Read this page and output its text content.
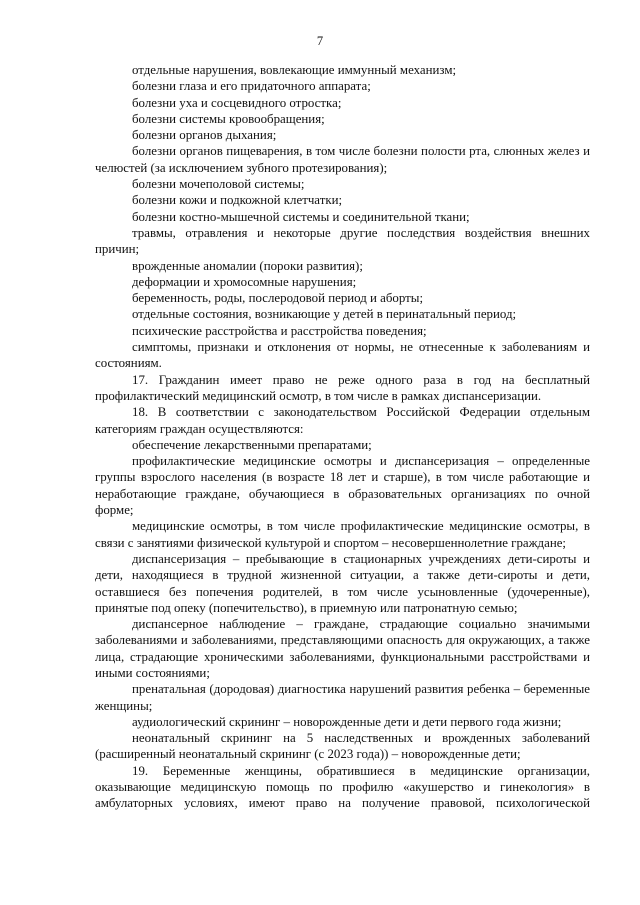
7

отдельные нарушения, вовлекающие иммунный механизм;

болезни глаза и его придаточного аппарата;

болезни уха и сосцевидного отростка;

болезни системы кровообращения;

болезни органов дыхания;

болезни органов пищеварения, в том числе болезни полости рта, слюнных желез и челюстей (за исключением зубного протезирования);

болезни мочеполовой системы;

болезни кожи и подкожной клетчатки;

болезни костно-мышечной системы и соединительной ткани;

травмы, отравления и некоторые другие последствия воздействия внешних причин;

врожденные аномалии (пороки развития);

деформации и хромосомные нарушения;

беременность, роды, послеродовой период и аборты;

отдельные состояния, возникающие у детей в перинатальный период;

психические расстройства и расстройства поведения;

симптомы, признаки и отклонения от нормы, не отнесенные к заболеваниям и состояниям.

17. Гражданин имеет право не реже одного раза в год на бесплатный профилактический медицинский осмотр, в том числе в рамках диспансеризации.

18. В соответствии с законодательством Российской Федерации отдельным категориям граждан осуществляются:

обеспечение лекарственными препаратами;

профилактические медицинские осмотры и диспансеризация – определенные группы взрослого населения (в возрасте 18 лет и старше), в том числе работающие и неработающие граждане, обучающиеся в образовательных организациях по очной форме;

медицинские осмотры, в том числе профилактические медицинские осмотры, в связи с занятиями физической культурой и спортом – несовершеннолетние граждане;

диспансеризация – пребывающие в стационарных учреждениях дети-сироты и дети, находящиеся в трудной жизненной ситуации, а также дети-сироты и дети, оставшиеся без попечения родителей, в том числе усыновленные (удочеренные), принятые под опеку (попечительство), в приемную или патронатную семью;

диспансерное наблюдение – граждане, страдающие социально значимыми заболеваниями и заболеваниями, представляющими опасность для окружающих, а также лица, страдающие хроническими заболеваниями, функциональными расстройствами и иными состояниями;

пренатальная (дородовая) диагностика нарушений развития ребенка – беременные женщины;

аудиологический скрининг – новорожденные дети и дети первого года жизни;

неонатальный скрининг на 5 наследственных и врожденных заболеваний (расширенный неонатальный скрининг (с 2023 года)) – новорожденные дети;

19. Беременные женщины, обратившиеся в медицинские организации, оказывающие медицинскую помощь по профилю «акушерство и гинекология» в амбулаторных условиях, имеют право на получение правовой, психологической
